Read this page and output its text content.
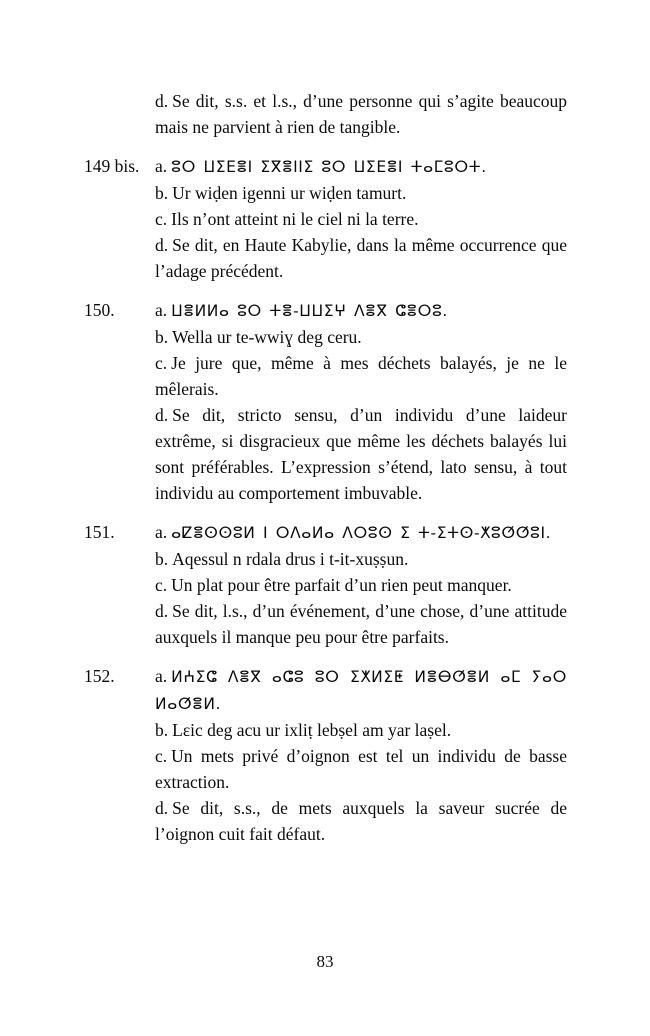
d. Se dit, s.s. et l.s., d’une personne qui s’agite beaucoup mais ne parvient à rien de tangible.

149 bis. a. ⵓⵔ ⵡⵉⴹⴻⵏ ⵉⴳⴻⵏⵏⵉ ⵓⵔ ⵡⵉⴹⴻⵏ ⵜⴰⵎⵓⵔⵜ.

b. Ur wiḍen igenni ur wiḍen tamurt.

c. Ils n’ont atteint ni le ciel ni la terre.

d. Se dit, en Haute Kabylie, dans la même occurrence que l’adage précédent.

150.	a. ⵡⴻⵍⵍⴰ ⵓⵔ ⵜⴻ-ⵡⵡⵉⵖ ⴷⴻⴳ ⵛⴻⵔⵓ.

b. Wella ur te-wwiɣ deg ceru.

c. Je jure que, même à mes déchets balayés, je ne le mêlerais.

d. Se dit, stricto sensu, d’un individu d’une laideur extrême, si disgracieux que même les déchets balayés lui sont préférables. L’expression s’étend, lato sensu, à tout individu au comportement imbuvable.

151.	a. ⴰⵇⴻⵙⵙⵓⵍ ⵏ ⵔⴷⴰⵍⴰ ⴷⵔⵓⵙ ⵉ ⵜ-ⵉⵜⵙ-ⵅⵓⵚⵚⵓⵏ.

b. Aqessul n rdala drus i t-it-xuṣṣun.

c. Un plat pour être parfait d’un rien peut manquer.

d. Se dit, l.s., d’un événement, d’une chose, d’une attitude auxquels il manque peu pour être parfaits.

152.	a. ⵍⵄⵉⵛ ⴷⴻⴳ ⴰⵛⵓ ⵓⵔ ⵉⵅⵍⵉⵟ ⵍⴻⴱⵚⴻⵍ ⴰⵎ ⵢⴰⵔ ⵍⴰⵚⴻⵍ.

b. Lɛic deg acu ur ixliṭ lebṣel am yar laṣel.

c. Un mets privé d’oignon est tel un individu de basse extraction.

d. Se dit, s.s., de mets auxquels la saveur sucrée de l’oignon cuit fait défaut.

83
